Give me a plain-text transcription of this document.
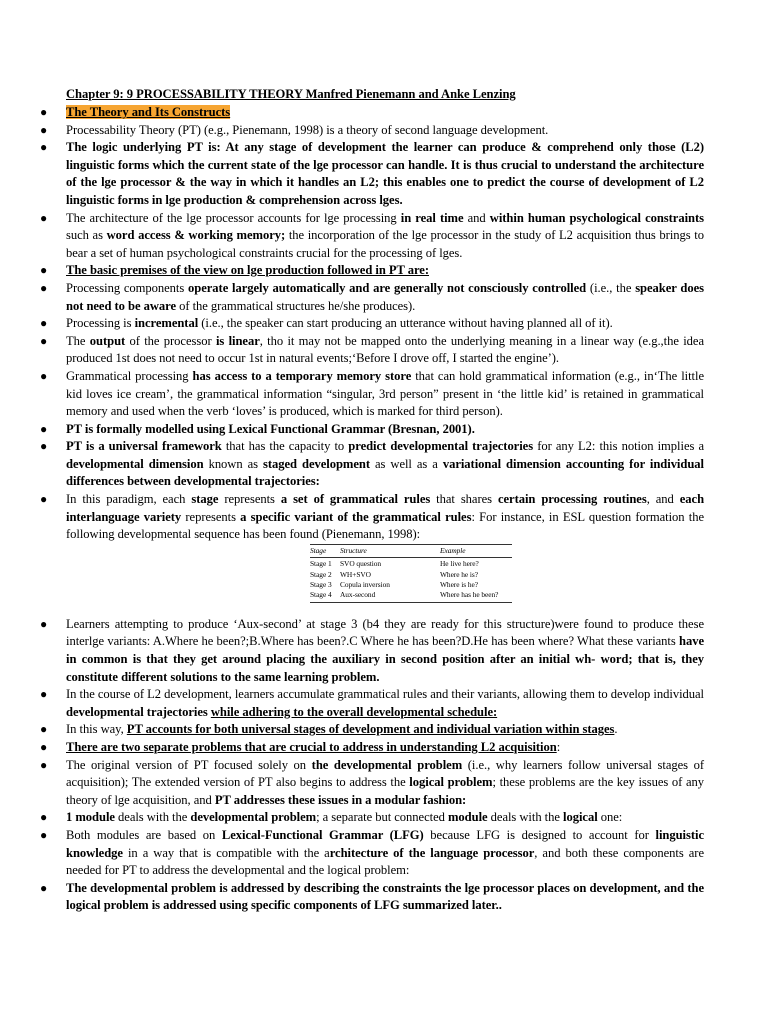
Chapter 9: 9 PROCESSABILITY THEORY Manfred Pienemann and Anke Lenzing
●	The Theory and Its Constructs
●	Processability Theory (PT) (e.g., Pienemann, 1998) is a theory of second language development.
●	The logic underlying PT is: At any stage of development the learner can produce & comprehend only those (L2) linguistic forms which the current state of the lge processor can handle. It is thus crucial to understand the architecture of the lge processor & the way in which it handles an L2; this enables one to predict the course of development of L2 linguistic forms in lge production & comprehension across lges.
●	The architecture of the lge processor accounts for lge processing in real time and within human psychological constraints such as word access & working memory; the incorporation of the lge processor in the study of L2 acquisition thus brings to bear a set of human psychological constraints crucial for the processing of lges.
●	The basic premises of the view on lge production followed in PT are:
●	Processing components operate largely automatically and are generally not consciously controlled (i.e., the speaker does not need to be aware of the grammatical structures he/she produces).
●	Processing is incremental (i.e., the speaker can start producing an utterance without having planned all of it).
●	The output of the processor is linear, tho it may not be mapped onto the underlying meaning in a linear way (e.g.,the idea produced 1st does not need to occur 1st in natural events;‘Before I drove off, I started the engine’).
●	Grammatical processing has access to a temporary memory store that can hold grammatical information (e.g., in‘The little kid loves ice cream’, the grammatical information “singular, 3rd person” present in ‘the little kid’ is retained in grammatical memory and used when the verb ‘loves’ is produced, which is marked for third person).
●	PT is formally modelled using Lexical Functional Grammar (Bresnan, 2001).
●	PT is a universal framework that has the capacity to predict developmental trajectories for any L2: this notion implies a developmental dimension known as staged development as well as a variational dimension accounting for individual differences between developmental trajectories:
●	In this paradigm, each stage represents a set of grammatical rules that shares certain processing routines, and each interlanguage variety represents a specific variant of the grammatical rules: For instance, in ESL question formation the following developmental sequence has been found (Pienemann, 1998):
Stage	Structure	Example
Stage 1	SVO question	He live here?
Stage 2	WH+SVO	Where he is?
Stage 3	Copula inversion	Where is he?
Stage 4	Aux-second	Where has he been?
●	Learners attempting to produce ‘Aux-second’ at stage 3 (b4 they are ready for this structure)were found to produce these interlge variants: A.Where he been?;B.Where has been?.C Where he has been?D.He has been where? What these variants have in common is that they get around placing the auxiliary in second position after an initial wh- word; that is, they constitute different solutions to the same learning problem.
●	In the course of L2 development, learners accumulate grammatical rules and their variants, allowing them to develop individual developmental trajectories while adhering to the overall developmental schedule:
●	In this way, PT accounts for both universal stages of development and individual variation within stages.
●	There are two separate problems that are crucial to address in understanding L2 acquisition:
●	The original version of PT focused solely on the developmental problem (i.e., why learners follow universal stages of acquisition); The extended version of PT also begins to address the logical problem; these problems are the key issues of any theory of lge acquisition, and PT addresses these issues in a modular fashion:
●	1 module deals with the developmental problem; a separate but connected module deals with the logical one:
●	Both modules are based on Lexical-Functional Grammar (LFG) because LFG is designed to account for linguistic knowledge in a way that is compatible with the architecture of the language processor, and both these components are needed for PT to address the developmental and the logical problem:
●	The developmental problem is addressed by describing the constraints the lge processor places on development, and the logical problem is addressed using specific components of LFG summarized later..
